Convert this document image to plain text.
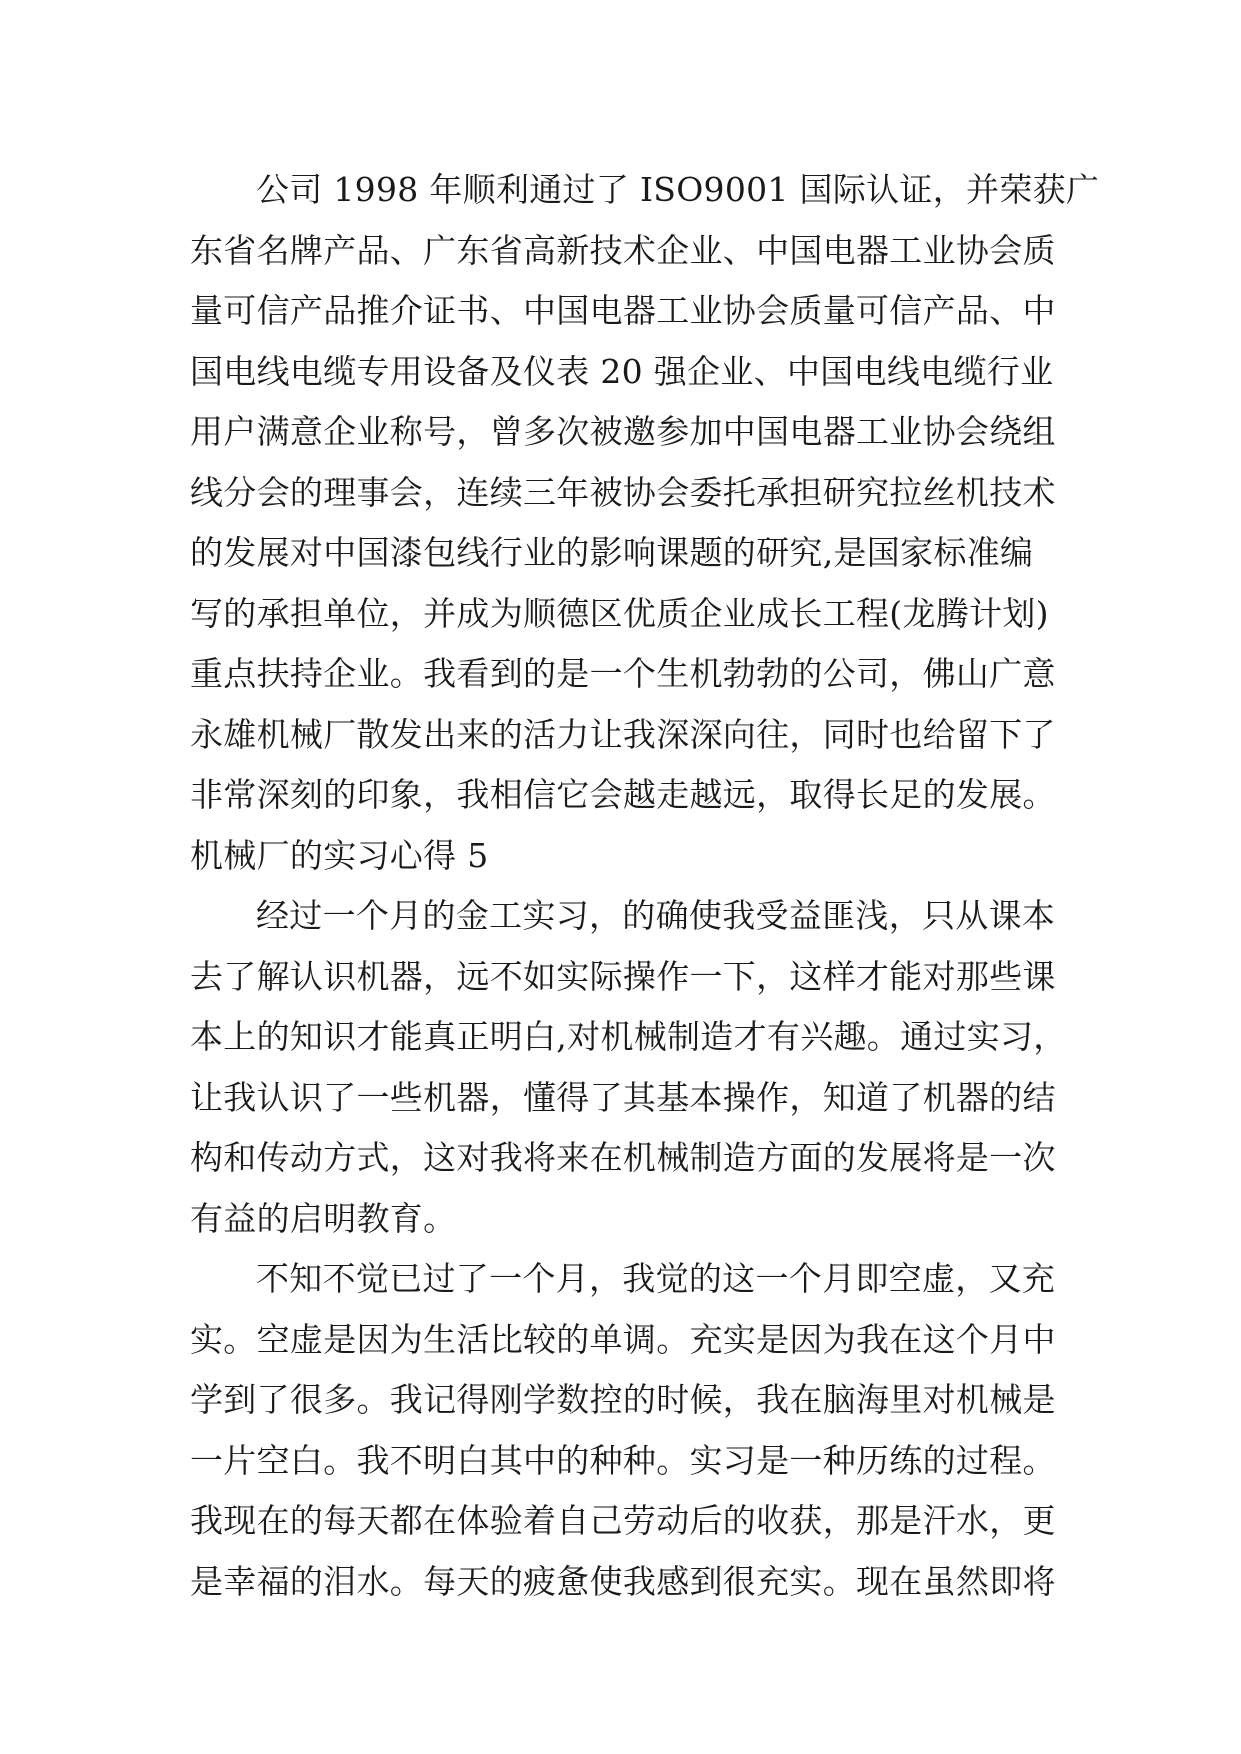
公司 1998 年顺利通过了 ISO9001 国际认证，并荣获广
东省名牌产品、广东省高新技术企业、中国电器工业协会质
量可信产品推介证书、中国电器工业协会质量可信产品、中
国电线电缆专用设备及仪表 20 强企业、中国电线电缆行业
用户满意企业称号，曾多次被邀参加中国电器工业协会绕组
线分会的理事会，连续三年被协会委托承担研究拉丝机技术
的发展对中国漆包线行业的影响课题的研究,是国家标准编
写的承担单位，并成为顺德区优质企业成长工程(龙腾计划)
重点扶持企业。我看到的是一个生机勃勃的公司，佛山广意
永雄机械厂散发出来的活力让我深深向往，同时也给留下了
非常深刻的印象，我相信它会越走越远，取得长足的发展。
机械厂的实习心得 5
经过一个月的金工实习，的确使我受益匪浅，只从课本
去了解认识机器，远不如实际操作一下，这样才能对那些课
本上的知识才能真正明白,对机械制造才有兴趣。通过实习，
让我认识了一些机器，懂得了其基本操作，知道了机器的结
构和传动方式，这对我将来在机械制造方面的发展将是一次
有益的启明教育。
不知不觉已过了一个月，我觉的这一个月即空虚，又充
实。空虚是因为生活比较的单调。充实是因为我在这个月中
学到了很多。我记得刚学数控的时候，我在脑海里对机械是
一片空白。我不明白其中的种种。实习是一种历练的过程。
我现在的每天都在体验着自己劳动后的收获，那是汗水，更
是幸福的泪水。每天的疲惫使我感到很充实。现在虽然即将
